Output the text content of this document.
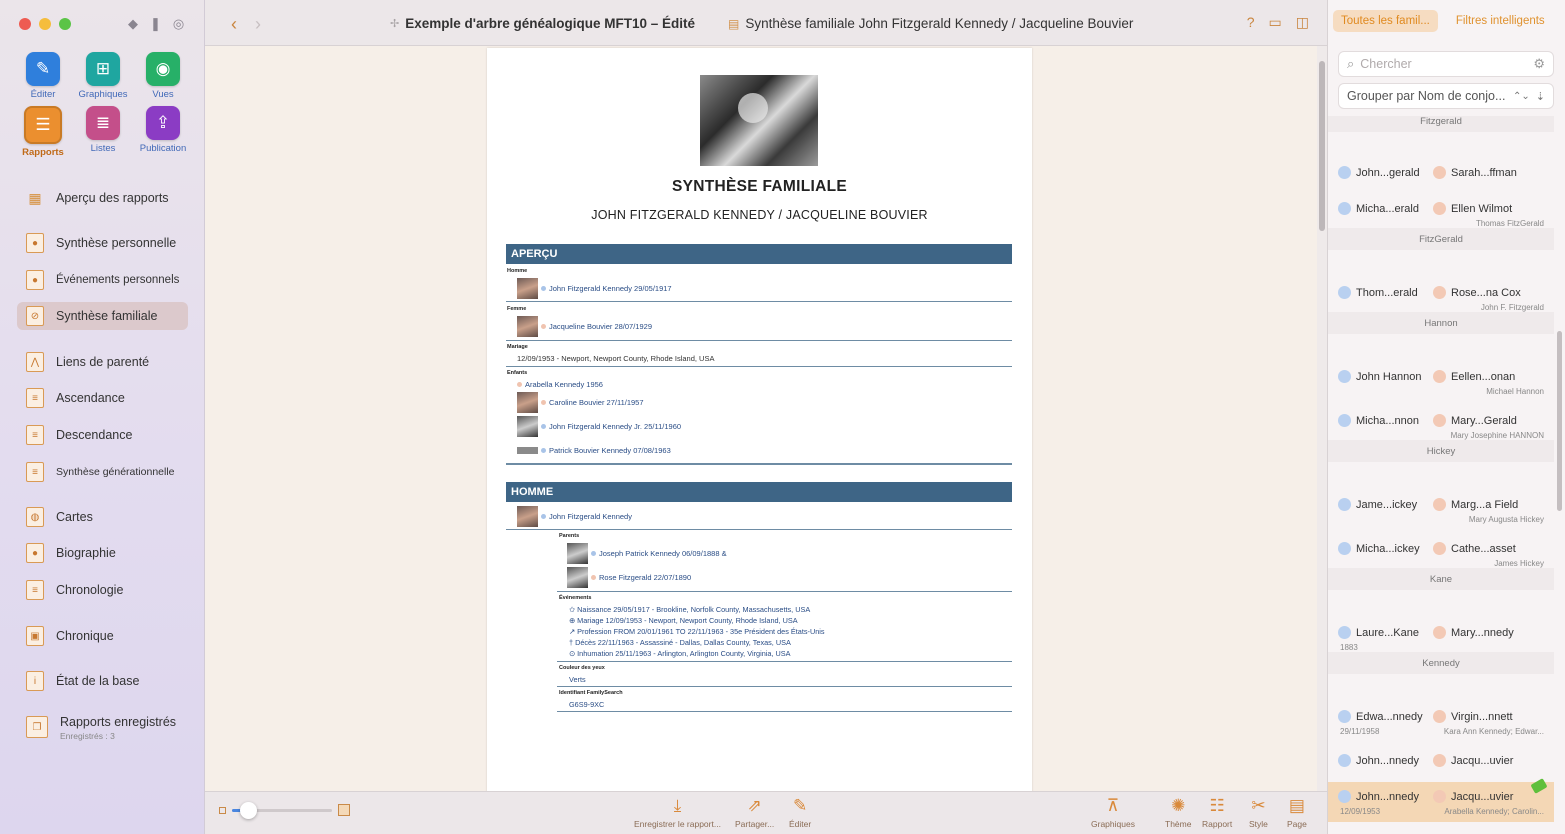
◆ ❚ ◎
✎
Éditer
⊞
Graphiques
◉
Vues
☰
Rapports
≣
Listes
⇪
Publication
▦ Aperçu des rapports
●	Synthèse personnelle
●	Événements personnels
⊘	Synthèse familiale
⋀	Liens de parenté
≡	Ascendance
≡	Descendance
≡	Synthèse générationnelle
◍	Cartes
●	Biographie
≡	Chronologie
▣	Chronique
i	État de la base
❐	Rapports enregistrés
Enregistrés : 3
‹ ›	✢ Exemple d'arbre généalogique MFT10 – Édité	▤ Synthèse familiale John Fitzgerald Kennedy / Jacqueline Bouvier	? ▭ ◫
SYNTHÈSE FAMILIALE
JOHN FITZGERALD KENNEDY / JACQUELINE BOUVIER
APERÇU
Homme
John Fitzgerald Kennedy 29/05/1917
Femme
Jacqueline Bouvier 28/07/1929
Mariage
12/09/1953 - Newport, Newport County, Rhode Island, USA
Enfants
Arabella Kennedy 1956
Caroline Bouvier 27/11/1957
John Fitzgerald Kennedy Jr. 25/11/1960
Patrick Bouvier Kennedy 07/08/1963
HOMME
John Fitzgerald Kennedy
Parents
Joseph Patrick Kennedy 06/09/1888 &
Rose Fitzgerald 22/07/1890
Événements
✩ Naissance 29/05/1917 - Brookline, Norfolk County, Massachusetts, USA
⊕ Mariage 12/09/1953 - Newport, Newport County, Rhode Island, USA
↗ Profession FROM 20/01/1961 TO 22/11/1963 - 35e Président des États-Unis
† Décès 22/11/1963 - Assassiné - Dallas, Dallas County, Texas, USA
⊙ Inhumation 25/11/1963 - Arlington, Arlington County, Virginia, USA
Couleur des yeux
Verts
Identifiant FamilySearch
G6S9-9XC
⤓
Enregistrer le rapport...
⇗
Partager...
✎
Éditer
⊼
Graphiques
✺
Thème
☷
Rapport
✂
Style
▤
Page
Toutes les famil...	Filtres intelligents
⌕
Chercher	⚙
Grouper par Nom de conjo... ⌃⌄ ⇣
Fitzgerald
John...gerald	Sarah...ffman
Micha...erald	Ellen Wilmot
Thomas FitzGerald
FitzGerald
Thom...erald	Rose...na Cox
John F. Fitzgerald
Hannon
John Hannon	Eellen...onan
Michael Hannon
Micha...nnon	Mary...Gerald
Mary Josephine HANNON
Hickey
Jame...ickey	Marg...a Field
Mary Augusta Hickey
Micha...ickey	Cathe...asset
James Hickey
Kane
Laure...Kane	Mary...nnedy
1883
Kennedy
Edwa...nnedy	Virgin...nnett
29/11/1958	Kara Ann Kennedy; Edwar...
John...nnedy	Jacqu...uvier
John...nnedy	Jacqu...uvier
12/09/1953	Arabella Kennedy; Carolin...
